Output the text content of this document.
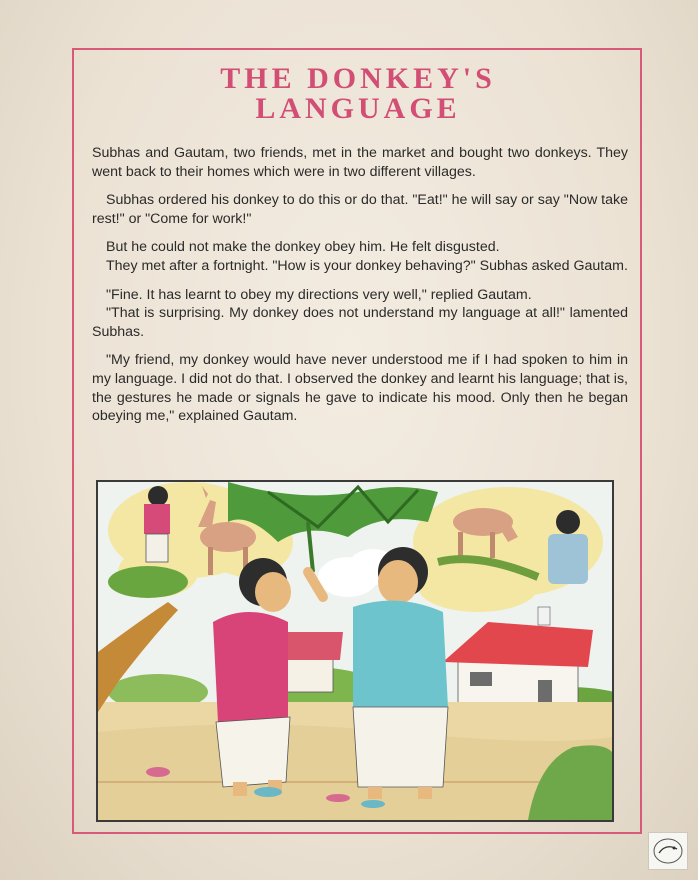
THE DONKEY'S
LANGUAGE

Subhas and Gautam, two friends, met in the market and bought two donkeys. They went back to their homes which were in two different villages.

Subhas ordered his donkey to do this or do that. "Eat!" he will say or say "Now take rest!" or "Come for work!"

But he could not make the donkey obey him. He felt disgusted.

They met after a fortnight. "How is your donkey behaving?" Subhas asked Gautam.

"Fine. It has learnt to obey my directions very well," replied Gautam.

"That is surprising. My donkey does not understand my language at all!" lamented Subhas.

"My friend, my donkey would have never understood me if I had spoken to him in my language. I did not do that. I observed the donkey and learnt his language; that is, the gestures he made or signals he gave to indicate his mood. Only then he began obeying me," explained Gautam.
